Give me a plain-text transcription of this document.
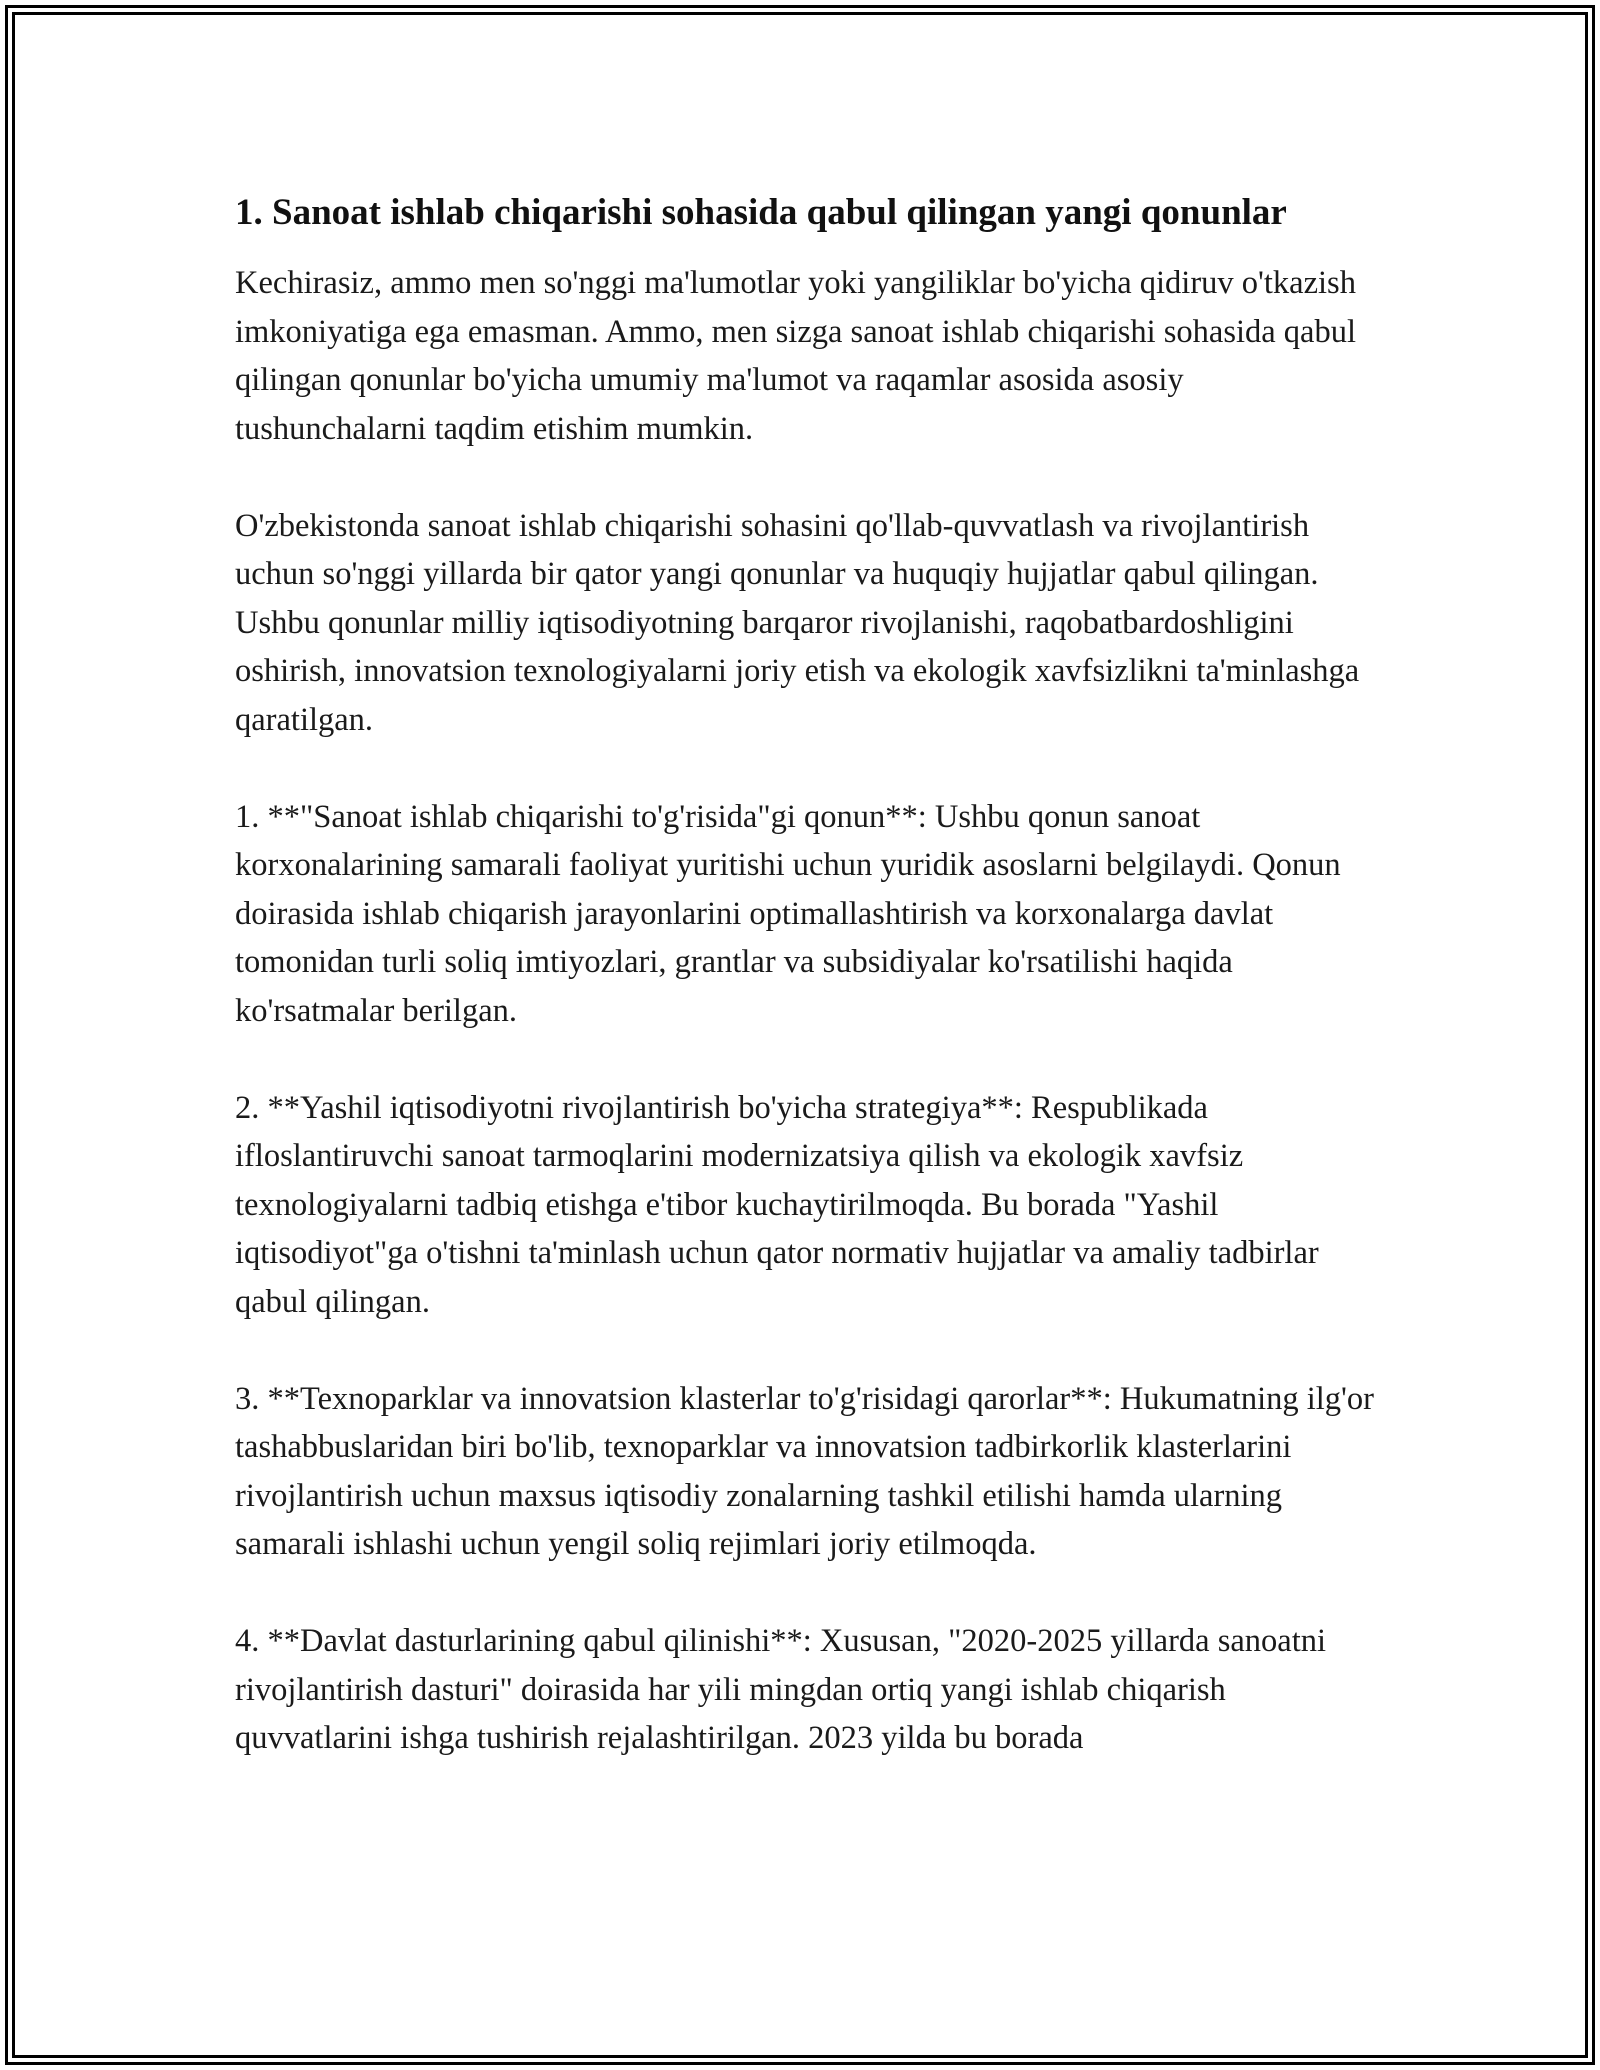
1. Sanoat ishlab chiqarishi sohasida qabul qilingan yangi qonunlar

Kechirasiz, ammo men so'nggi ma'lumotlar yoki yangiliklar bo'yicha qidiruv o'tkazish imkoniyatiga ega emasman. Ammo, men sizga sanoat ishlab chiqarishi sohasida qabul qilingan qonunlar bo'yicha umumiy ma'lumot va raqamlar asosida asosiy tushunchalarni taqdim etishim mumkin.

O'zbekistonda sanoat ishlab chiqarishi sohasini qo'llab-quvvatlash va rivojlantirish uchun so'nggi yillarda bir qator yangi qonunlar va huquqiy hujjatlar qabul qilingan. Ushbu qonunlar milliy iqtisodiyotning barqaror rivojlanishi, raqobatbardoshligini oshirish, innovatsion texnologiyalarni joriy etish va ekologik xavfsizlikni ta'minlashga qaratilgan.

1. **"Sanoat ishlab chiqarishi to'g'risida"gi qonun**: Ushbu qonun sanoat korxonalarining samarali faoliyat yuritishi uchun yuridik asoslarni belgilaydi. Qonun doirasida ishlab chiqarish jarayonlarini optimallashtirish va korxonalarga davlat tomonidan turli soliq imtiyozlari, grantlar va subsidiyalar ko'rsatilishi haqida ko'rsatmalar berilgan.

2. **Yashil iqtisodiyotni rivojlantirish bo'yicha strategiya**: Respublikada ifloslantiruvchi sanoat tarmoqlarini modernizatsiya qilish va ekologik xavfsiz texnologiyalarni tadbiq etishga e'tibor kuchaytirilmoqda. Bu borada "Yashil iqtisodiyot"ga o'tishni ta'minlash uchun qator normativ hujjatlar va amaliy tadbirlar qabul qilingan.

3. **Texnoparklar va innovatsion klasterlar to'g'risidagi qarorlar**: Hukumatning ilg'or tashabbuslaridan biri bo'lib, texnoparklar va innovatsion tadbirkorlik klasterlarini rivojlantirish uchun maxsus iqtisodiy zonalarning tashkil etilishi hamda ularning samarali ishlashi uchun yengil soliq rejimlari joriy etilmoqda.

4. **Davlat dasturlarining qabul qilinishi**: Xususan, "2020-2025 yillarda sanoatni rivojlantirish dasturi" doirasida har yili mingdan ortiq yangi ishlab chiqarish quvvatlarini ishga tushirish rejalashtirilgan. 2023 yilda bu borada
